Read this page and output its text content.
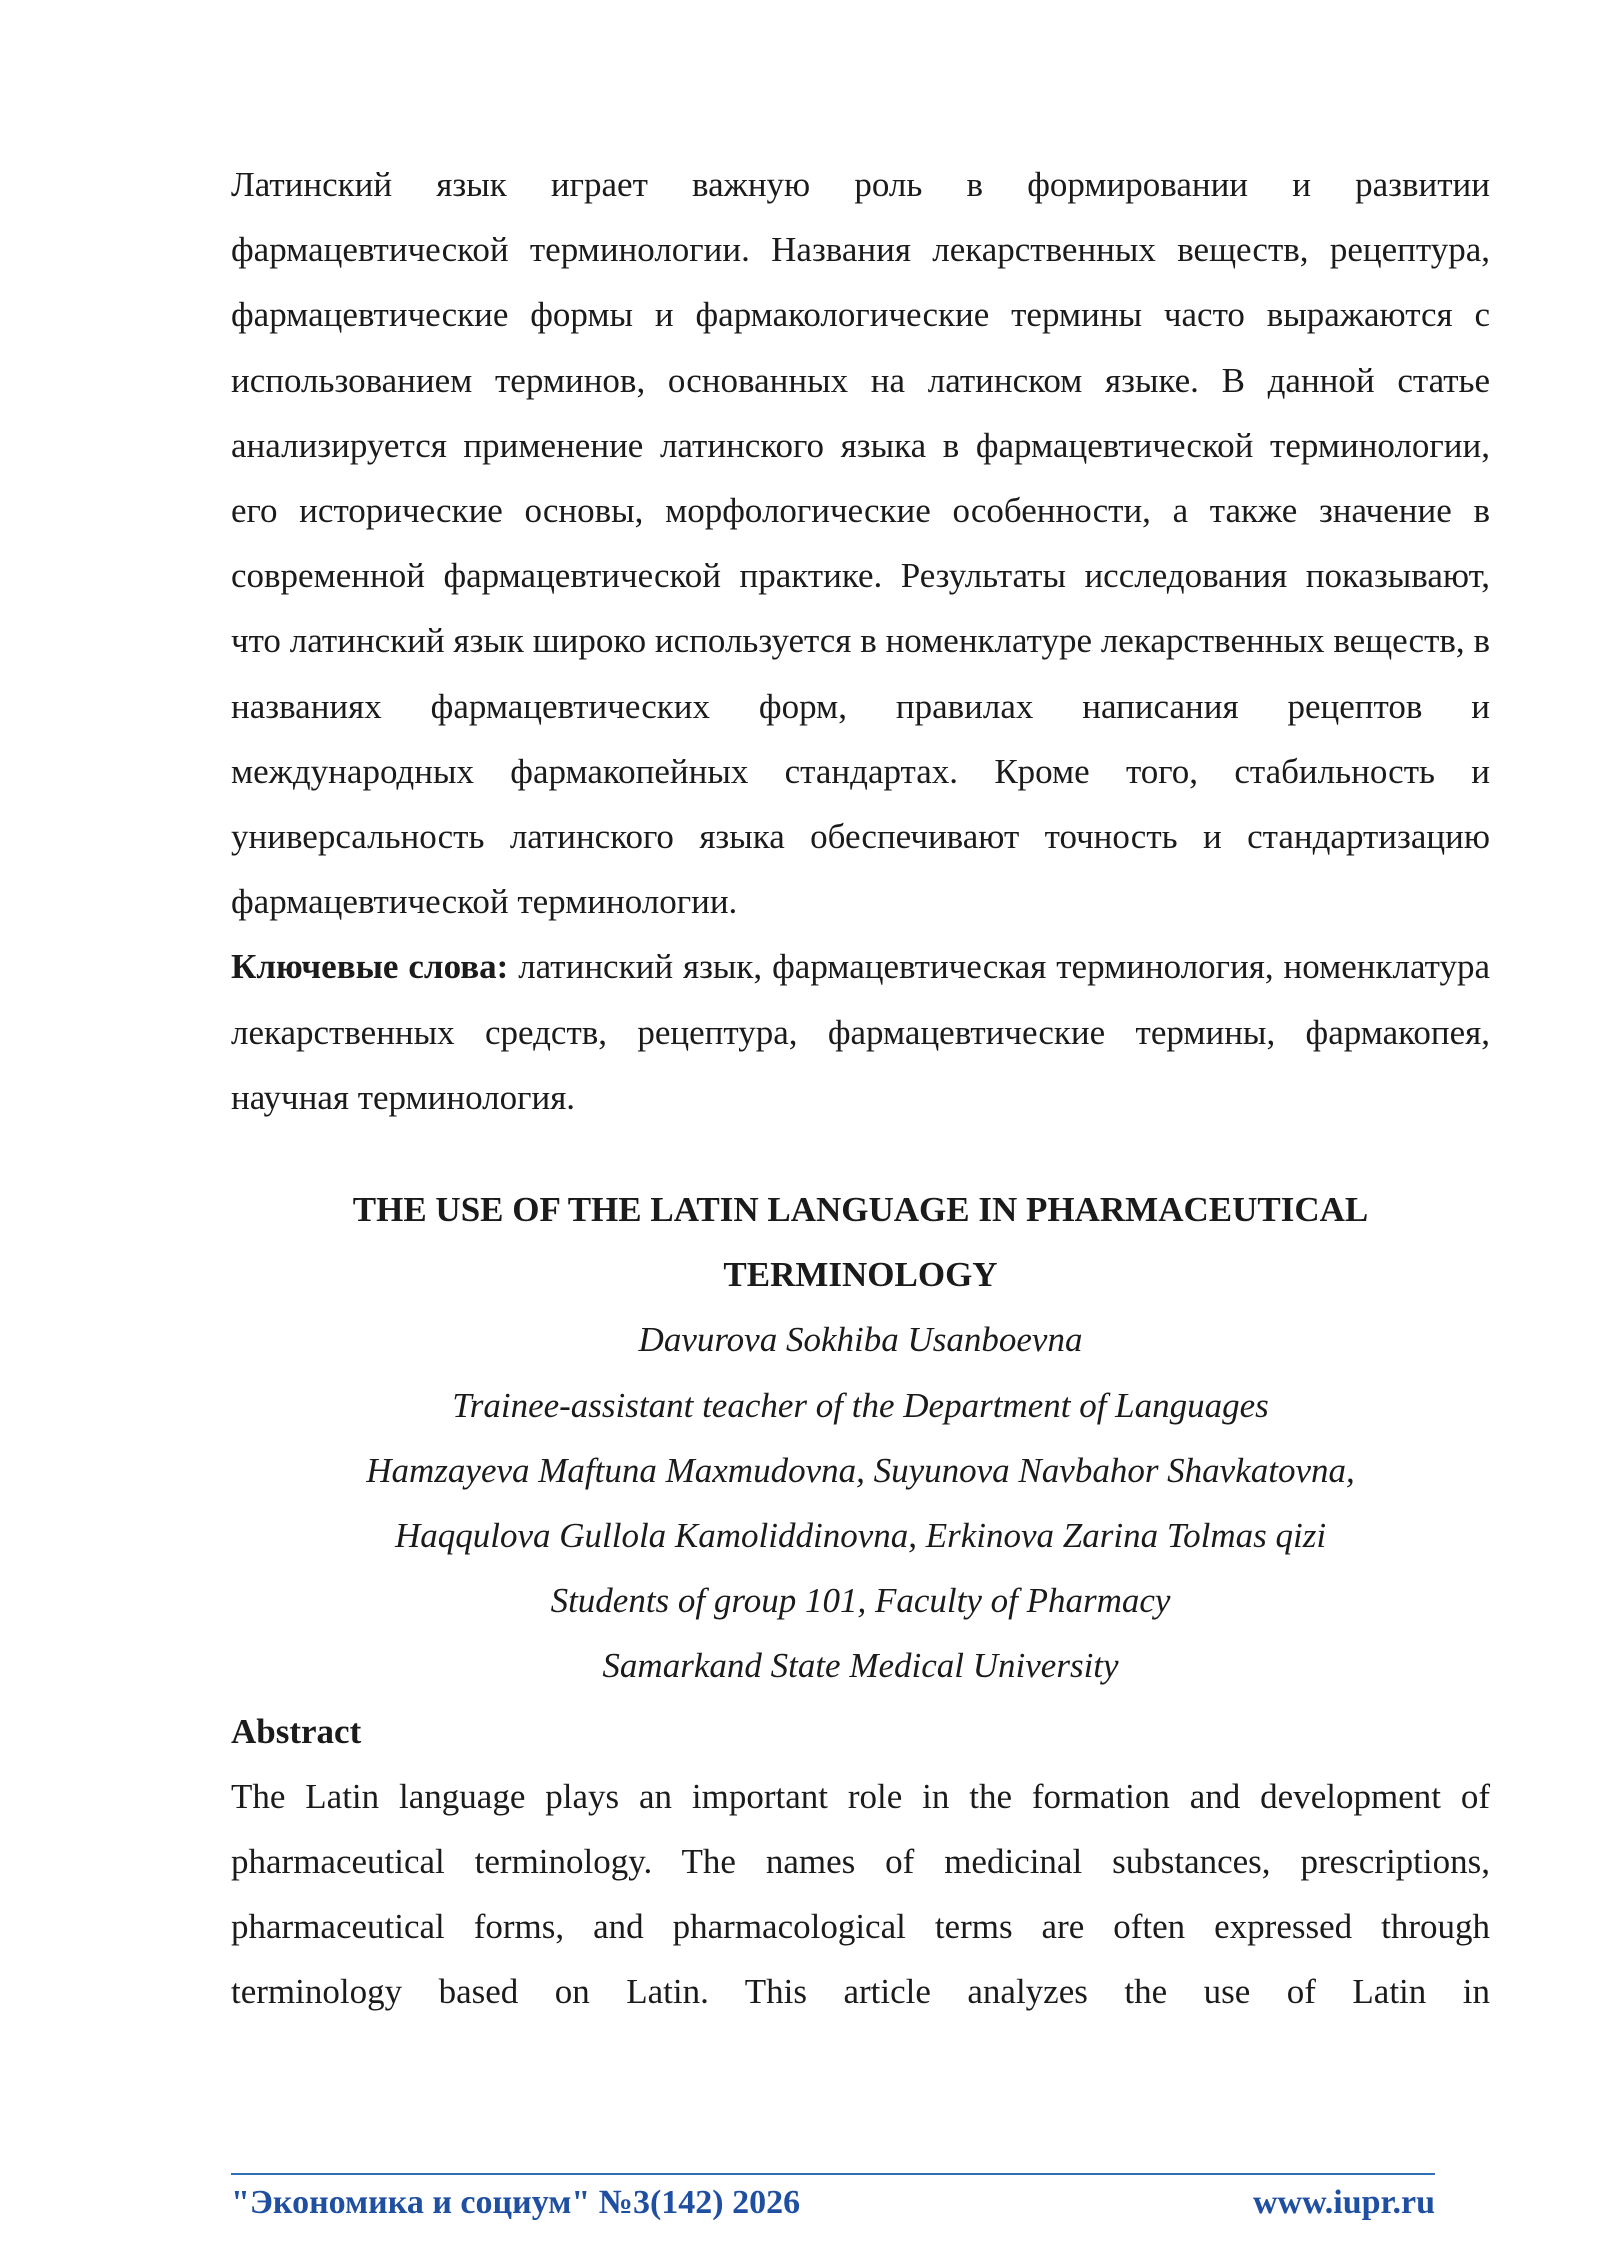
Латинский язык играет важную роль в формировании и развитии фармацевтической терминологии. Названия лекарственных веществ, рецептура, фармацевтические формы и фармакологические термины часто выражаются с использованием терминов, основанных на латинском языке. В данной статье анализируется применение латинского языка в фармацевтической терминологии, его исторические основы, морфологические особенности, а также значение в современной фармацевтической практике. Результаты исследования показывают, что латинский язык широко используется в номенклатуре лекарственных веществ, в названиях фармацевтических форм, правилах написания рецептов и международных фармакопейных стандартах. Кроме того, стабильность и универсальность латинского языка обеспечивают точность и стандартизацию фармацевтической терминологии.

Ключевые слова: латинский язык, фармацевтическая терминология, номенклатура лекарственных средств, рецептура, фармацевтические термины, фармакопея, научная терминология.

THE USE OF THE LATIN LANGUAGE IN PHARMACEUTICAL TERMINOLOGY

Davurova Sokhiba Usanboevna

Trainee-assistant teacher of the Department of Languages

Hamzayeva Maftuna Maxmudovna, Suyunova Navbahor Shavkatovna,

Haqqulova Gullola Kamoliddinovna, Erkinova Zarina Tolmas qizi

Students of group 101, Faculty of Pharmacy

Samarkand State Medical University

Abstract

The Latin language plays an important role in the formation and development of pharmaceutical terminology. The names of medicinal substances, prescriptions, pharmaceutical forms, and pharmacological terms are often expressed through terminology based on Latin. This article analyzes the use of Latin in

"Экономика и социум" №3(142) 2026	www.iupr.ru
